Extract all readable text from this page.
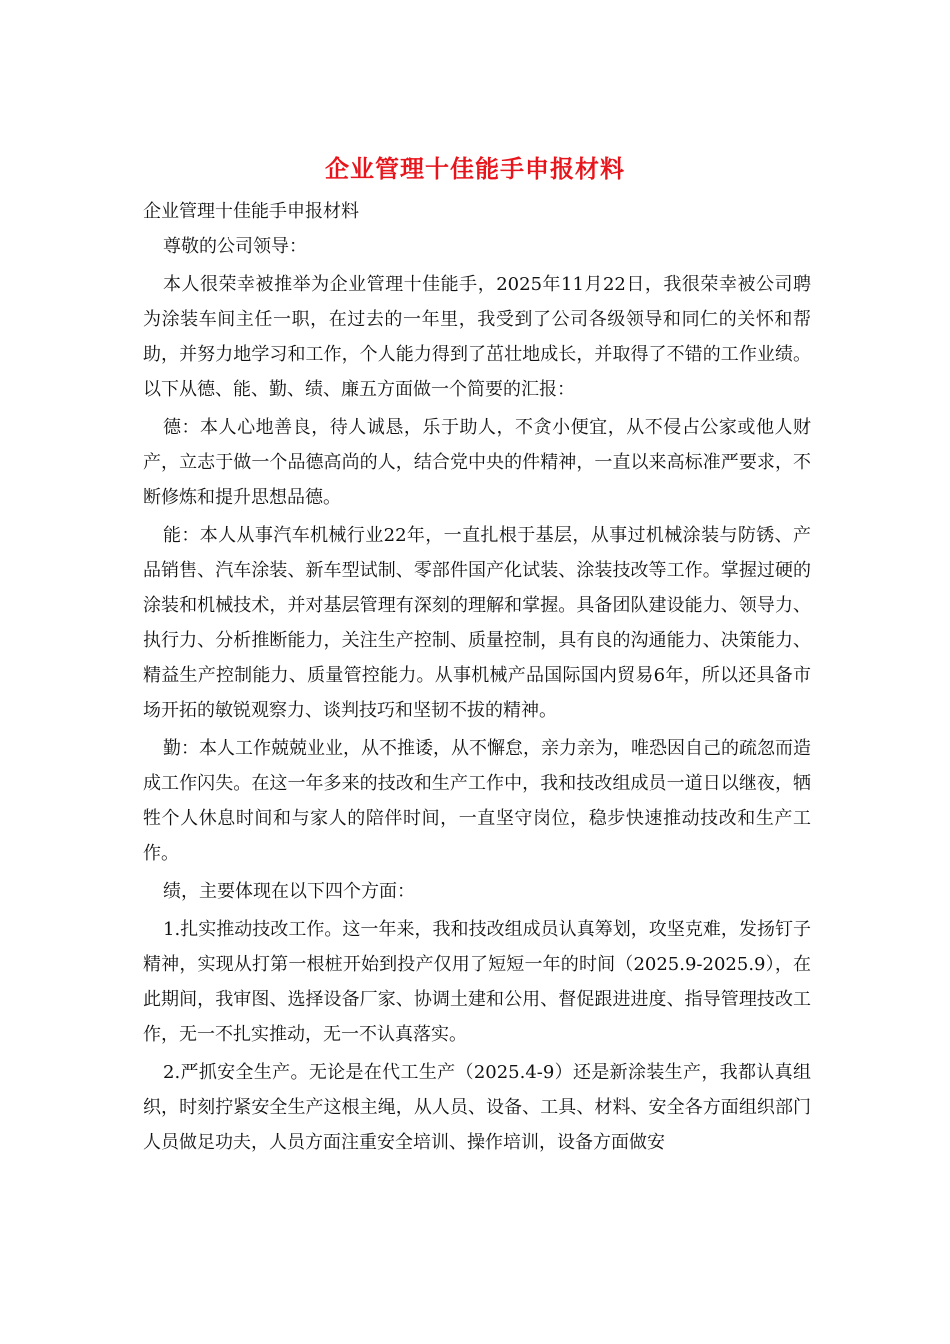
企业管理十佳能手申报材料

企业管理十佳能手申报材料

尊敬的公司领导：

本人很荣幸被推举为企业管理十佳能手，2025年11月22日，我很荣幸被公司聘为涂装车间主任一职，在过去的一年里，我受到了公司各级领导和同仁的关怀和帮助，并努力地学习和工作，个人能力得到了茁壮地成长，并取得了不错的工作业绩。以下从德、能、勤、绩、廉五方面做一个简要的汇报：

德：本人心地善良，待人诚恳，乐于助人，不贪小便宜，从不侵占公家或他人财产，立志于做一个品德高尚的人，结合党中央的件精神，一直以来高标准严要求，不断修炼和提升思想品德。

能：本人从事汽车机械行业22年，一直扎根于基层，从事过机械涂装与防锈、产品销售、汽车涂装、新车型试制、零部件国产化试装、涂装技改等工作。掌握过硬的涂装和机械技术，并对基层管理有深刻的理解和掌握。具备团队建设能力、领导力、执行力、分析推断能力，关注生产控制、质量控制，具有良的沟通能力、决策能力、精益生产控制能力、质量管控能力。从事机械产品国际国内贸易6年，所以还具备市场开拓的敏锐观察力、谈判技巧和坚韧不拔的精神。

勤：本人工作兢兢业业，从不推诿，从不懈怠，亲力亲为，唯恐因自己的疏忽而造成工作闪失。在这一年多来的技改和生产工作中，我和技改组成员一道日以继夜，牺牲个人休息时间和与家人的陪伴时间，一直坚守岗位，稳步快速推动技改和生产工作。

绩，主要体现在以下四个方面：

1.扎实推动技改工作。这一年来，我和技改组成员认真筹划，攻坚克难，发扬钉子精神，实现从打第一根桩开始到投产仅用了短短一年的时间（2025.9-2025.9），在此期间，我审图、选择设备厂家、协调土建和公用、督促跟进进度、指导管理技改工作，无一不扎实推动，无一不认真落实。

2.严抓安全生产。无论是在代工生产（2025.4-9）还是新涂装生产，我都认真组织，时刻拧紧安全生产这根主绳，从人员、设备、工具、材料、安全各方面组织部门人员做足功夫，人员方面注重安全培训、操作培训，设备方面做安
